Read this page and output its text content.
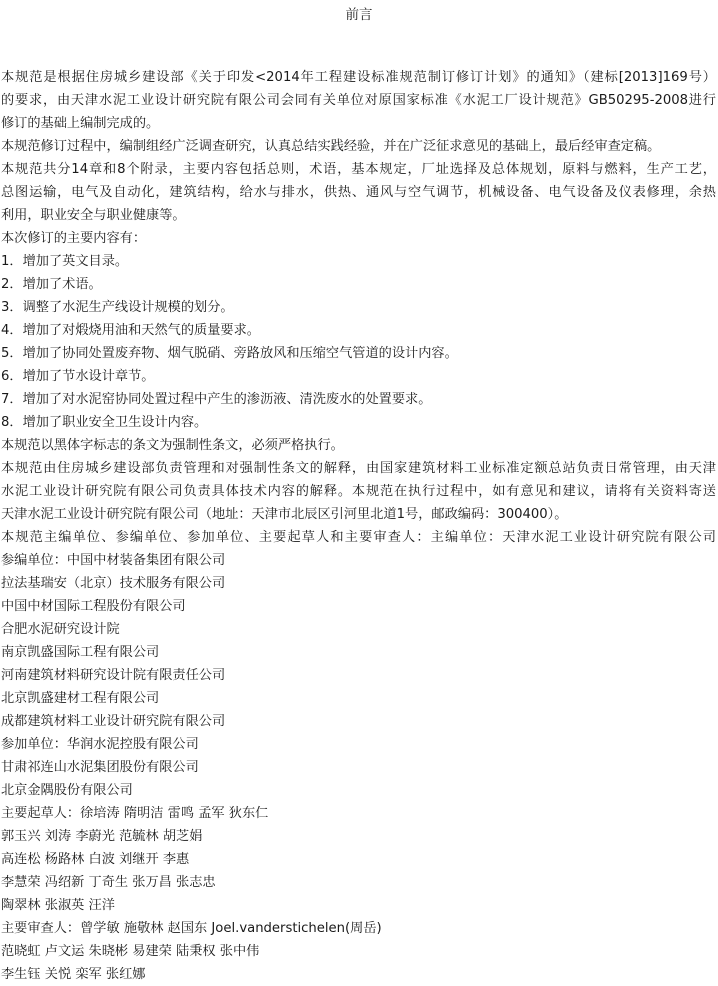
前言
本规范是根据住房城乡建设部《关于印发<2014年工程建设标准规范制订修订计划》的通知》（建标[2013]169号）
的要求，由天津水泥工业设计研究院有限公司会同有关单位对原国家标准《水泥工厂设计规范》GB50295-2008进行
修订的基础上编制完成的。
本规范修订过程中，编制组经广泛调查研究，认真总结实践经验，并在广泛征求意见的基础上，最后经审查定稿。
本规范共分14章和8个附录，主要内容包括总则，术语，基本规定，厂址选择及总体规划，原料与燃料，生产工艺，
总图运输，电气及自动化，建筑结构，给水与排水，供热、通风与空气调节，机械设备、电气设备及仪表修理，余热
利用，职业安全与职业健康等。
本次修订的主要内容有：
1．增加了英文目录。
2．增加了术语。
3．调整了水泥生产线设计规模的划分。
4．增加了对煅烧用油和天然气的质量要求。
5．增加了协同处置废弃物、烟气脱硝、旁路放风和压缩空气管道的设计内容。
6．增加了节水设计章节。
7．增加了对水泥窑协同处置过程中产生的渗沥液、清洗废水的处置要求。
8．增加了职业安全卫生设计内容。
本规范以黑体字标志的条文为强制性条文，必须严格执行。
本规范由住房城乡建设部负责管理和对强制性条文的解释，由国家建筑材料工业标准定额总站负责日常管理，由天津
水泥工业设计研究院有限公司负责具体技术内容的解释。本规范在执行过程中，如有意见和建议，请将有关资料寄送
天津水泥工业设计研究院有限公司（地址：天津市北辰区引河里北道1号，邮政编码：300400）。
本规范主编单位、参编单位、参加单位、主要起草人和主要审查人：主编单位：天津水泥工业设计研究院有限公司
参编单位：中国中材装备集团有限公司
拉法基瑞安（北京）技术服务有限公司
中国中材国际工程股份有限公司
合肥水泥研究设计院
南京凯盛国际工程有限公司
河南建筑材料研究设计院有限责任公司
北京凯盛建材工程有限公司
成都建筑材料工业设计研究院有限公司
参加单位：华润水泥控股有限公司
甘肃祁连山水泥集团股份有限公司
北京金隅股份有限公司
主要起草人：徐培涛 隋明洁 雷鸣 孟军 狄东仁
郭玉兴 刘涛 李蔚光 范毓林 胡芝娟
高连松 杨路林 白波 刘继开 李惠
李慧荣 冯绍新 丁奇生 张万昌 张志忠
陶翠林 张淑英 汪洋
主要审查人：曾学敏 施敬林 赵国东 Joel.vanderstichelen(周岳)
范晓虹 卢文运 朱晓彬 易建荣 陆秉权 张中伟
李生钰 关悦 栾军 张红娜
